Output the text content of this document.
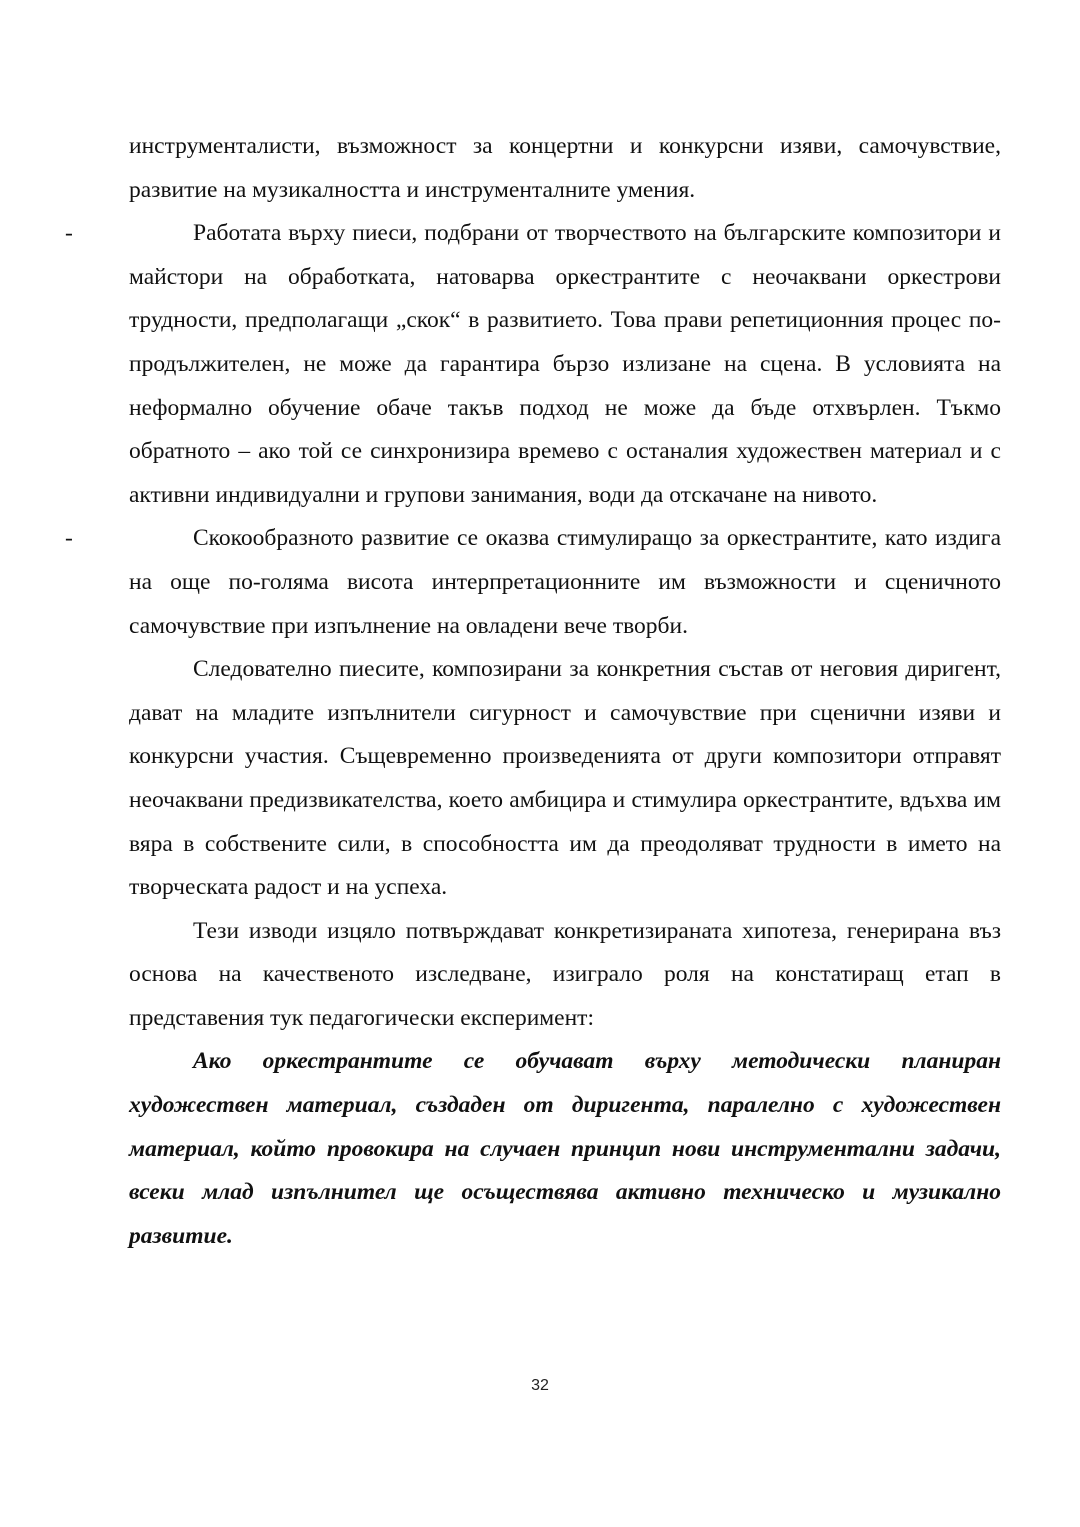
инструменталисти, възможност за концертни и конкурсни изяви, самочувствие, развитие на музикалността и инструменталните умения.

-	Работата върху пиеси, подбрани от творчеството на българските композитори и майстори на обработката, натоварва оркестрантите с неочаквани оркестрови трудности, предполагащи „скок“ в развитието. Това прави репетиционния процес по-продължителен, не може да гарантира бързо излизане на сцена. В условията на неформално обучение обаче такъв подход не може да бъде отхвърлен. Тъкмо обратното – ако той се синхронизира времево с останалия художествен материал и с активни индивидуални и групови занимания, води да отскачане на нивото.

-	Скокообразното развитие се оказва стимулиращо за оркестрантите, като издига на още по-голяма висота интерпретационните им възможности и сценичното самочувствие при изпълнение на овладени вече творби.

Следователно пиесите, композирани за конкретния състав от неговия диригент, дават на младите изпълнители сигурност и самочувствие при сценични изяви и конкурсни участия. Същевременно произведенията от други композитори отправят неочаквани предизвикателства, което амбицира и стимулира оркестрантите, вдъхва им вяра в собствените сили, в способността им да преодоляват трудности в името на творческата радост и на успеха.

Тези изводи изцяло потвърждават конкретизираната хипотеза, генерирана въз основа на качественото изследване, изиграло роля на констатиращ етап в представения тук педагогически експеримент:

Ако оркестрантите се обучават върху методически планиран художествен материал, създаден от диригента, паралелно с художествен материал, който провокира на случаен принцип нови инструментални задачи, всеки млад изпълнител ще осъществява активно техническо и музикално развитие.

32
